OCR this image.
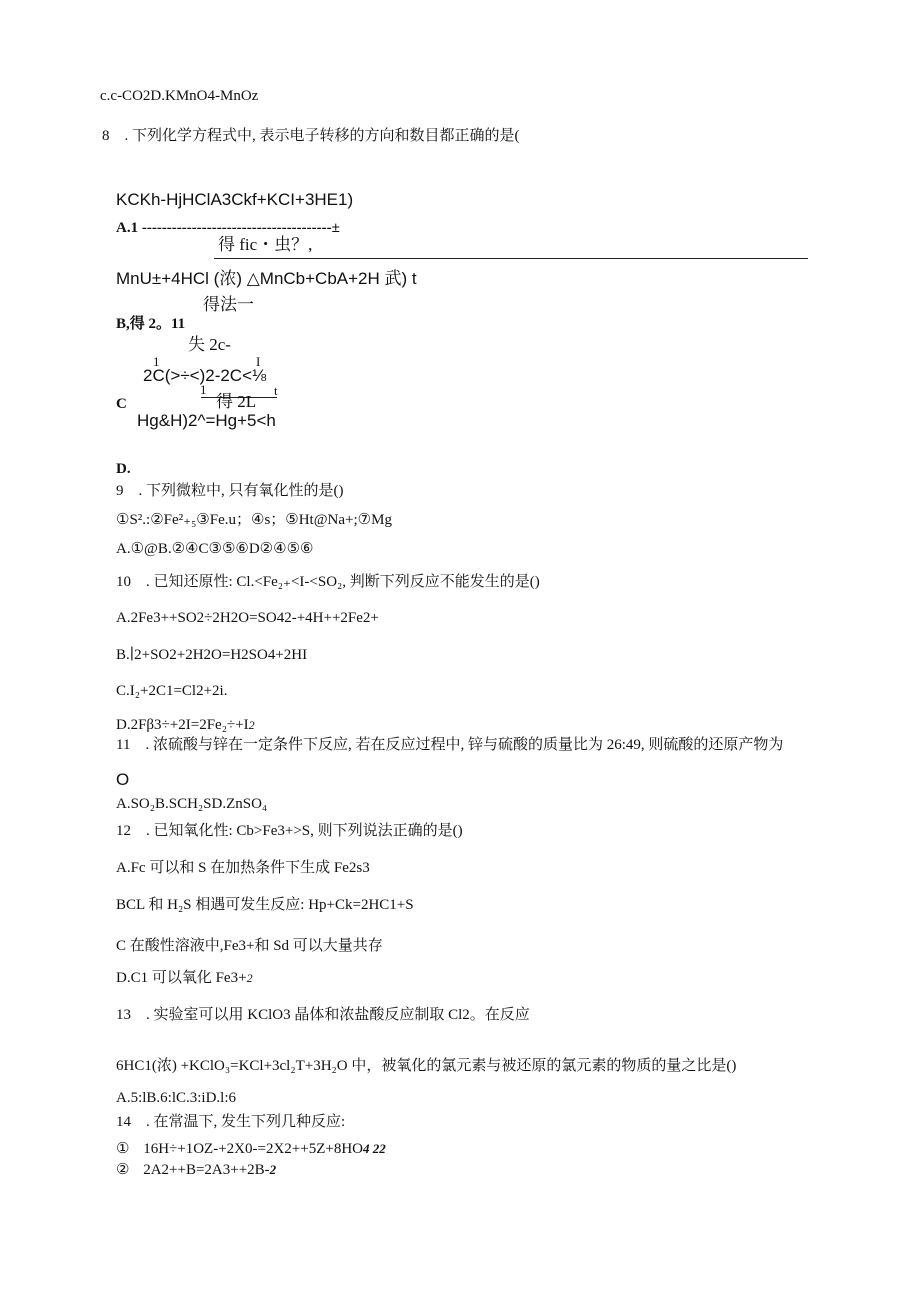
c.c-CO2D.KMnO4-MnOz
8　. 下列化学方程式中, 表示电子转移的方向和数目都正确的是(
KCKh-HjHClA3Ckf+KCI+3HE1)
A.1 --------------------------------------±
得 fic・虫？,
MnU±+4HCl (浓) △MnCb+CbA+2H 武) t
得法一
B,得 2。11
失 2c-
1	I
2C(>÷<)2-2C<⅛
1
C
t
得 2L
Hg&H)2^=Hg+5<h
D.
9　. 下列微粒中, 只有氧化性的是()
①S².:②Fe²₊₅③Fe.u；④s；⑤Ht@Na+;⑦Mg
A.①@B.②④C③⑤⑥D②④⑤⑥
10　. 已知还原性: Cl.<Fe₂₊<I-<SO₂, 判断下列反应不能发生的是()
A.2Fe3++SO2÷2H2O=SO42-+4H++2Fe2+
B.∣2+SO2+2H2O=H2SO4+2HI
C.I₂+2C1=Cl2+2i.
D.2Fβ3÷+2I=2Fe₂÷+I2
11　. 浓硫酸与锌在一定条件下反应, 若在反应过程中, 锌与硫酸的质量比为 26:49, 则硫酸的还原产物为
O
A.SO₂B.SCH₂SD.ZnSO₄
12　. 已知氧化性: Cb>Fe3+>S, 则下列说法正确的是()
A.Fc 可以和 S 在加热条件下生成 Fe2s3
BCL 和 H₂S 相遇可发生反应: Hp+Ck=2HC1+S
C 在酸性溶液中,Fe3+和 Sd 可以大量共存
D.C1 可以氧化 Fe3+2
13　. 实验室可以用 KClO3 晶体和浓盐酸反应制取 Cl2。在反应
6HC1(浓) +KClO₃=KCl+3cl₂T+3H₂O 中，被氧化的氯元素与被还原的氯元素的物质的量之比是()
A.5:lB.6:lC.3:iD.l:6
14　. 在常温下, 发生下列几种反应:
① 16H÷+1OZ-+2X0-=2X2++5Z+8HO4 22
② 2A2++B=2A3++2B-2
